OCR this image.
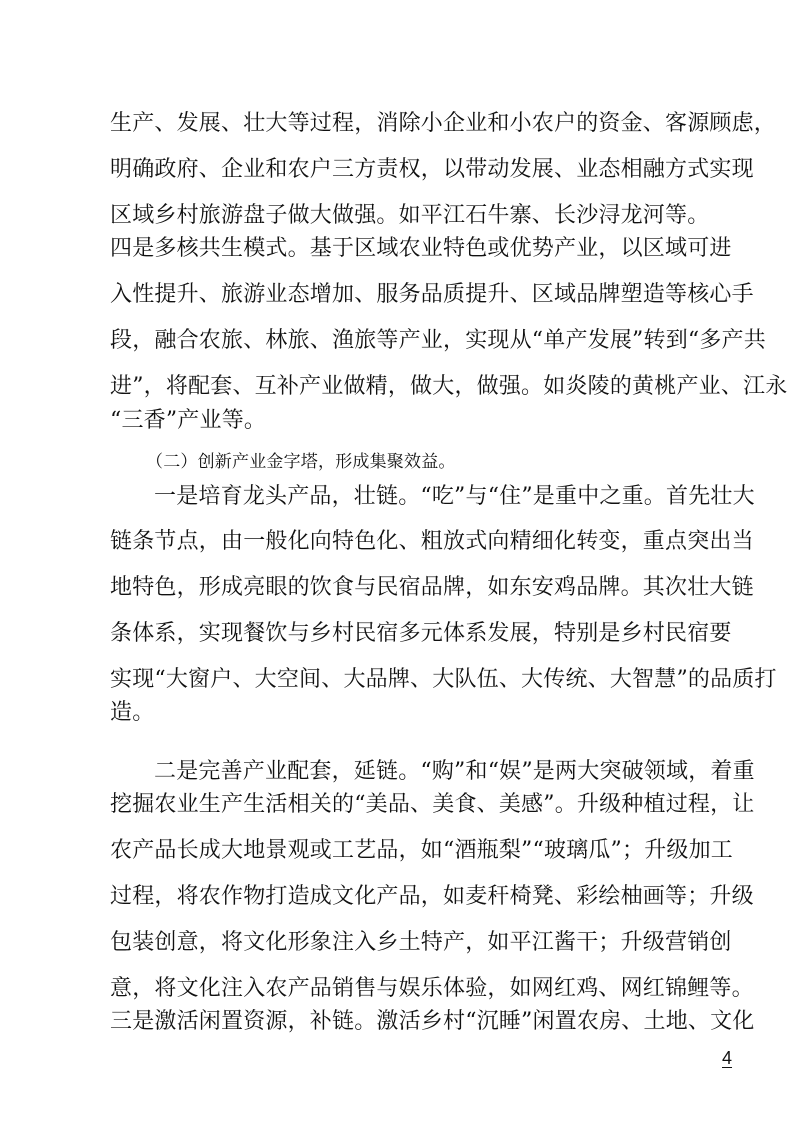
生产、发展、壮大等过程，消除小企业和小农户的资金、客源顾虑，
明确政府、企业和农户三方责权，以带动发展、业态相融方式实现
区域乡村旅游盘子做大做强。如平江石牛寨、长沙浔龙河等。
四是多核共生模式。基于区域农业特色或优势产业，以区域可进
入性提升、旅游业态增加、服务品质提升、区域品牌塑造等核心手
段，融合农旅、林旅、渔旅等产业，实现从“单产发展”转到“多产共
进”，将配套、互补产业做精，做大，做强。如炎陵的黄桃产业、江永
“三香”产业等。
（二）创新产业金字塔，形成集聚效益。
一是培育龙头产品，壮链。“吃”与“住”是重中之重。首先壮大
链条节点，由一般化向特色化、粗放式向精细化转变，重点突出当
地特色，形成亮眼的饮食与民宿品牌，如东安鸡品牌。其次壮大链
条体系，实现餐饮与乡村民宿多元体系发展，特别是乡村民宿要
实现“大窗户、大空间、大品牌、大队伍、大传统、大智慧”的品质打
造。
二是完善产业配套，延链。“购”和“娱”是两大突破领域，着重
挖掘农业生产生活相关的“美品、美食、美感”。升级种植过程，让
农产品长成大地景观或工艺品，如“酒瓶梨”“玻璃瓜”；升级加工
过程，将农作物打造成文化产品，如麦秆椅凳、彩绘柚画等；升级
包装创意，将文化形象注入乡土特产，如平江酱干；升级营销创
意，将文化注入农产品销售与娱乐体验，如网红鸡、网红锦鲤等。
三是激活闲置资源，补链。激活乡村“沉睡”闲置农房、土地、文化
4
